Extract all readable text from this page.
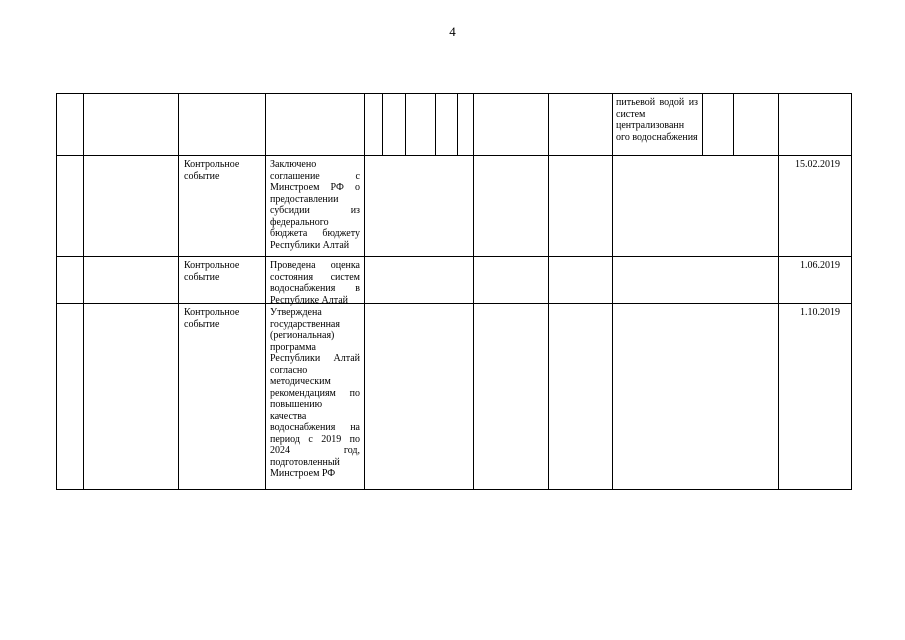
4
питьевой водой из систем централизованн ого водоснабжения
Контрольное событие
Заключено соглашение с Минстроем РФ о предоставлении субсидии из федерального бюджета бюджету Республики Алтай
15.02.2019
Контрольное событие
Проведена оценка состояния систем водоснабжения в Республике Алтай
1.06.2019
Контрольное событие
Утверждена государственная (региональная) программа Республики Алтай согласно методическим рекомендациям по повышению качества водоснабжения на период с 2019 по 2024 год, подготовленный Минстроем РФ
1.10.2019
